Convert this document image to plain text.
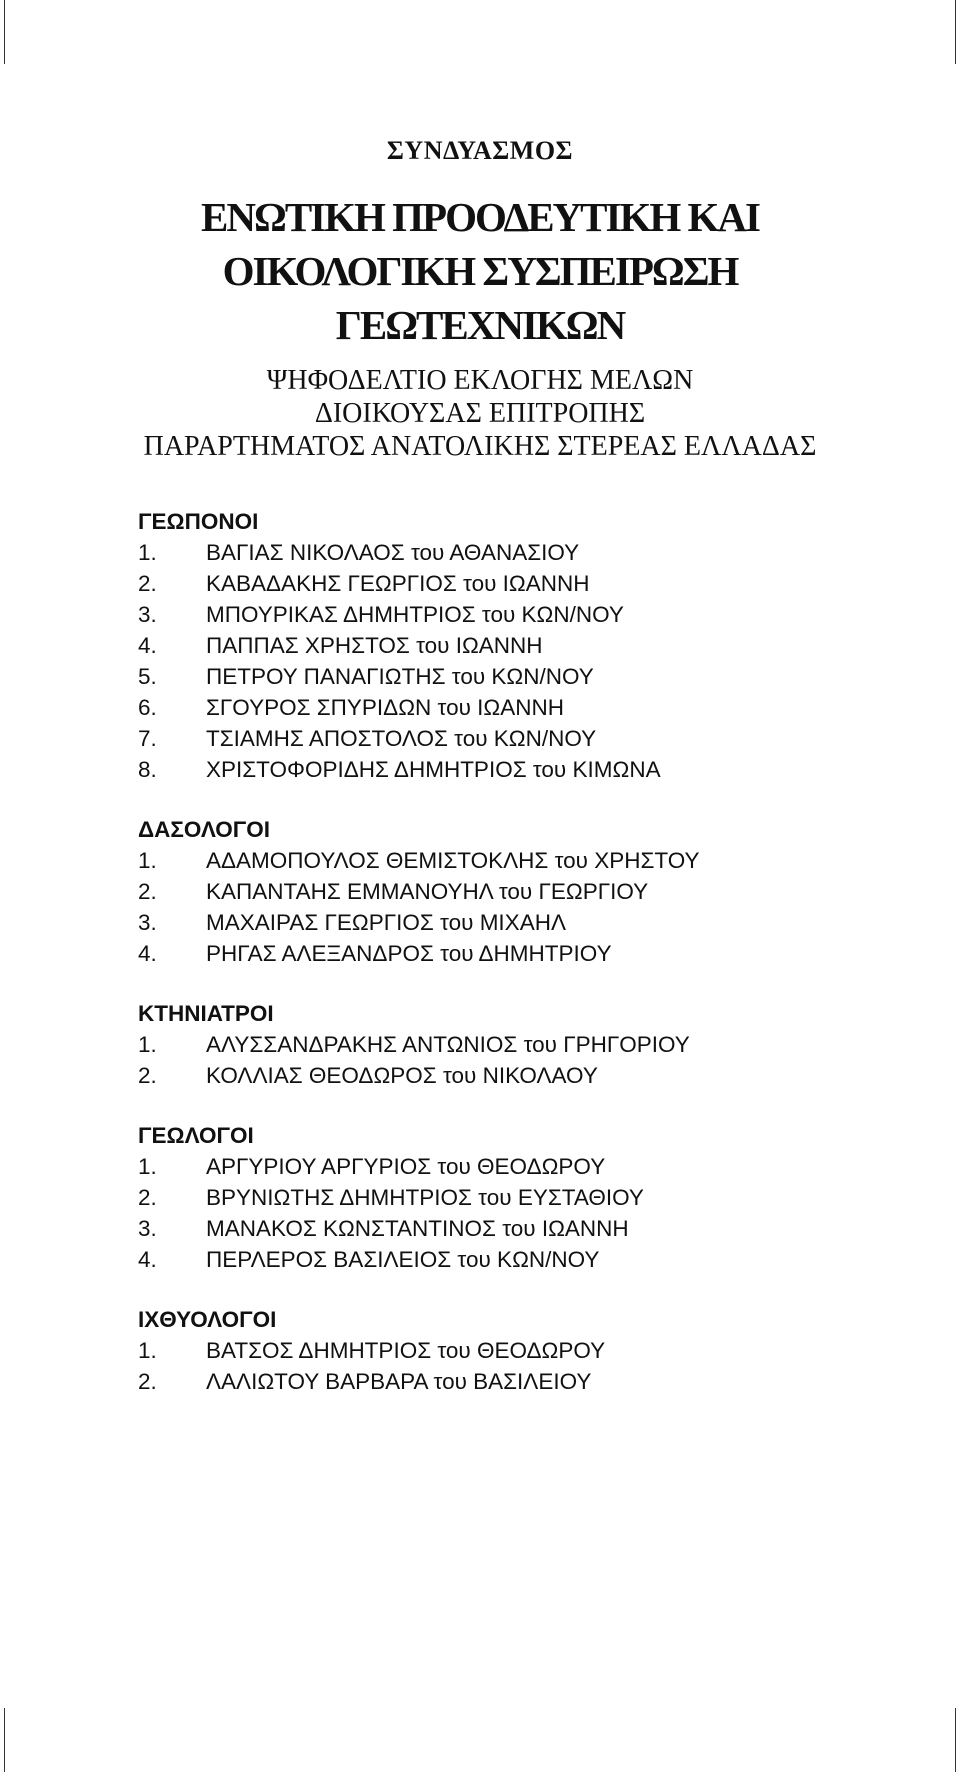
ΣΥΝΔΥΑΣΜΟΣ
ΕΝΩΤΙΚΗ ΠΡΟΟΔΕΥΤΙΚΗ ΚΑΙ
ΟΙΚΟΛΟΓΙΚΗ ΣΥΣΠΕΙΡΩΣΗ
ΓΕΩΤΕΧΝΙΚΩΝ
ΨΗΦΟΔΕΛΤΙΟ ΕΚΛΟΓΗΣ ΜΕΛΩΝ
ΔΙΟΙΚΟΥΣΑΣ ΕΠΙΤΡΟΠΗΣ
ΠΑΡΑΡΤΗΜΑΤΟΣ ΑΝΑΤΟΛΙΚΗΣ ΣΤΕΡΕΑΣ ΕΛΛΑΔΑΣ
ΓΕΩΠΟΝΟΙ
1. ΒΑΓΙΑΣ ΝΙΚΟΛΑΟΣ του ΑΘΑΝΑΣΙΟΥ
2. ΚΑΒΑΔΑΚΗΣ ΓΕΩΡΓΙΟΣ του ΙΩΑΝΝΗ
3. ΜΠΟΥΡΙΚΑΣ ΔΗΜΗΤΡΙΟΣ του ΚΩΝ/ΝΟΥ
4. ΠΑΠΠΑΣ ΧΡΗΣΤΟΣ του ΙΩΑΝΝΗ
5. ΠΕΤΡΟΥ ΠΑΝΑΓΙΩΤΗΣ του ΚΩΝ/ΝΟΥ
6. ΣΓΟΥΡΟΣ ΣΠΥΡΙΔΩΝ του ΙΩΑΝΝΗ
7. ΤΣΙΑΜΗΣ ΑΠΟΣΤΟΛΟΣ του ΚΩΝ/ΝΟΥ
8. ΧΡΙΣΤΟΦΟΡΙΔΗΣ ΔΗΜΗΤΡΙΟΣ του ΚΙΜΩΝΑ
ΔΑΣΟΛΟΓΟΙ
1. ΑΔΑΜΟΠΟΥΛΟΣ ΘΕΜΙΣΤΟΚΛΗΣ του ΧΡΗΣΤΟΥ
2. ΚΑΠΑΝΤΑΗΣ ΕΜΜΑΝΟΥΗΛ του ΓΕΩΡΓΙΟΥ
3. ΜΑΧΑΙΡΑΣ ΓΕΩΡΓΙΟΣ του ΜΙΧΑΗΛ
4. ΡΗΓΑΣ ΑΛΕΞΑΝΔΡΟΣ του ΔΗΜΗΤΡΙΟΥ
ΚΤΗΝΙΑΤΡΟΙ
1. ΑΛΥΣΣΑΝΔΡΑΚΗΣ ΑΝΤΩΝΙΟΣ του ΓΡΗΓΟΡΙΟΥ
2. ΚΟΛΛΙΑΣ ΘΕΟΔΩΡΟΣ του ΝΙΚΟΛΑΟΥ
ΓΕΩΛΟΓΟΙ
1. ΑΡΓΥΡΙΟΥ ΑΡΓΥΡΙΟΣ του ΘΕΟΔΩΡΟΥ
2. ΒΡΥΝΙΩΤΗΣ ΔΗΜΗΤΡΙΟΣ του ΕΥΣΤΑΘΙΟΥ
3. ΜΑΝΑΚΟΣ ΚΩΝΣΤΑΝΤΙΝΟΣ του ΙΩΑΝΝΗ
4. ΠΕΡΛΕΡΟΣ ΒΑΣΙΛΕΙΟΣ του ΚΩΝ/ΝΟΥ
ΙΧΘΥΟΛΟΓΟΙ
1. ΒΑΤΣΟΣ ΔΗΜΗΤΡΙΟΣ του ΘΕΟΔΩΡΟΥ
2. ΛΑΛΙΩΤΟΥ ΒΑΡΒΑΡΑ του ΒΑΣΙΛΕΙΟΥ
